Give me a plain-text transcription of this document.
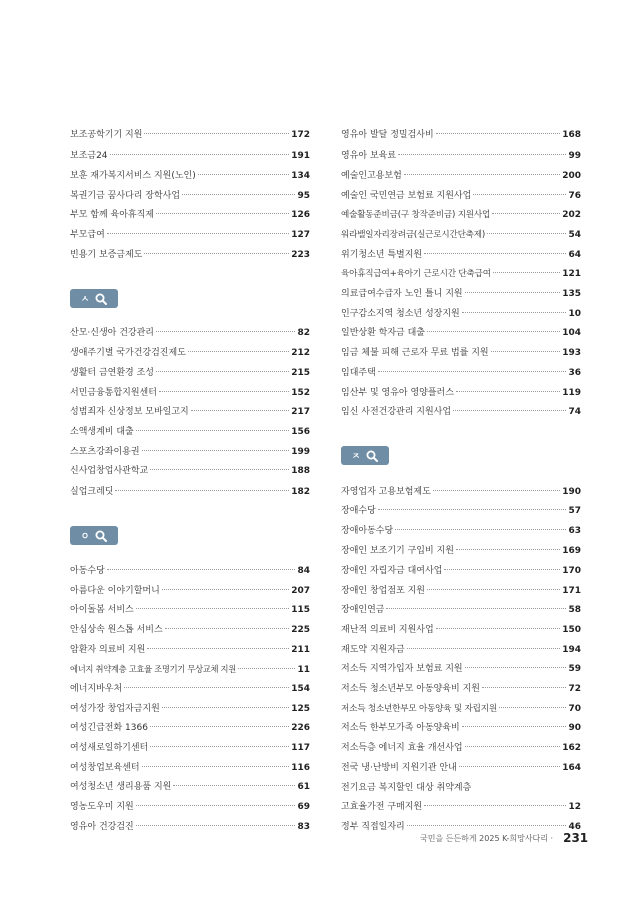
보조공학기기 지원	172
보조금24	191
보훈 재가복지서비스 지원(노인)	134
복권기금 꿈사다리 장학사업	95
부모 함께 육아휴직제	126
부모급여	127
빈용기 보증금제도	223
ㅅ
산모·신생아 건강관리	82
생애주기별 국가건강검진제도	212
생활터 금연환경 조성	215
서민금융통합지원센터	152
성범죄자 신상정보 모바일고지	217
소액생계비 대출	156
스포츠강좌이용권	199
신사업창업사관학교	188
실업크레딧	182
ㅇ
아동수당	84
아름다운 이야기할머니	207
아이돌봄 서비스	115
안심상속 원스톱 서비스	225
암환자 의료비 지원	211
에너지 취약계층 고효율 조명기기 무상교체 지원	11
에너지바우처	154
여성가장 창업자금지원	125
여성긴급전화 1366	226
여성새로일하기센터	117
여성창업보육센터	116
여성청소년 생리용품 지원	61
영농도우미 지원	69
영유아 건강검진	83
영유아 발달 정밀검사비	168
영유아 보육료	99
예술인고용보험	200
예술인 국민연금 보험료 지원사업	76
예술활동준비금(구 창작준비금) 지원사업	202
워라밸일자리장려금(실근로시간단축제)	54
위기청소년 특별지원	64
육아휴직급여+육아기 근로시간 단축급여	121
의료급여수급자 노인 틀니 지원	135
인구감소지역 청소년 성장지원	10
일반상환 학자금 대출	104
임금 체불 피해 근로자 무료 법률 지원	193
임대주택	36
임산부 및 영유아 영양플러스	119
임신 사전건강관리 지원사업	74
ㅈ
자영업자 고용보험제도	190
장애수당	57
장애아동수당	63
장애인 보조기기 구입비 지원	169
장애인 자립자금 대여사업	170
장애인 창업점포 지원	171
장애인연금	58
재난적 의료비 지원사업	150
재도약 지원자금	194
저소득 지역가입자 보험료 지원	59
저소득 청소년부모 아동양육비 지원	72
저소득 청소년한부모 아동양육 및 자립지원	70
저소득 한부모가족 아동양육비	90
저소득층 에너지 효율 개선사업	162
전국 냉·난방비 지원기관 안내	164
전기요금 복지할인 대상 취약계층
고효율가전 구매지원	12
정부 직접일자리	46
국민을 든든하게 2025 K-희망사다리 · 231
